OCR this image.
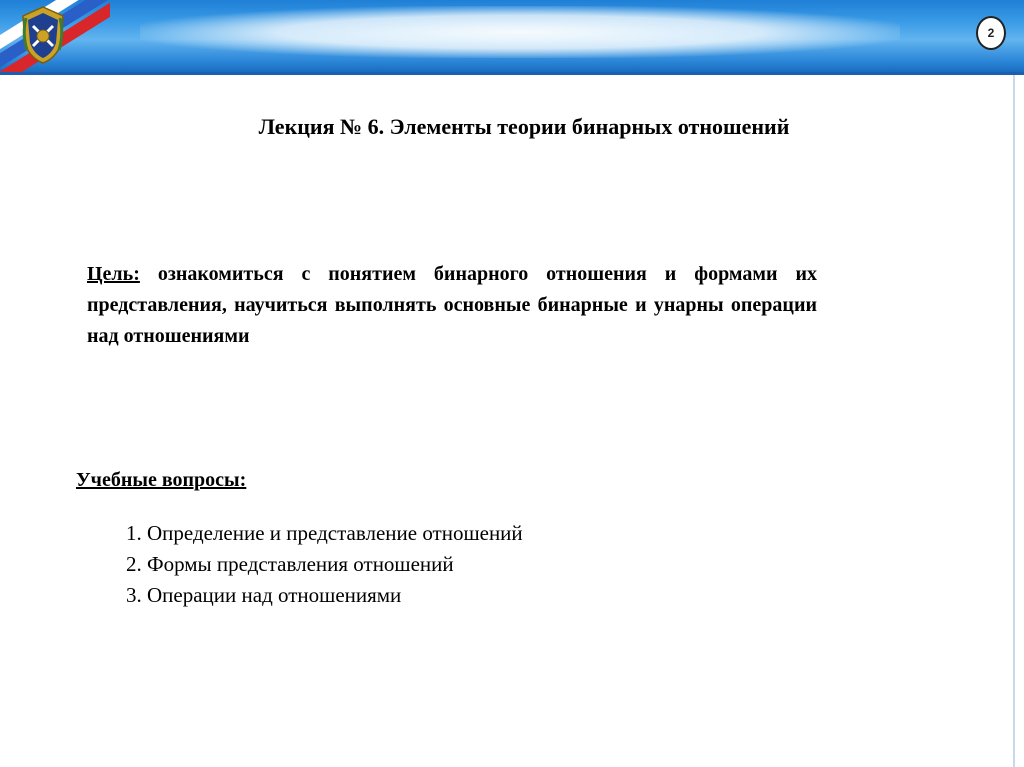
2
Лекция № 6. Элементы теории бинарных отношений
Цель: ознакомиться с понятием бинарного отношения и формами их представления, научиться выполнять основные бинарные и унарны операции над отношениями
Учебные вопросы:
1. Определение и представление отношений
2. Формы представления отношений
3. Операции над отношениями
